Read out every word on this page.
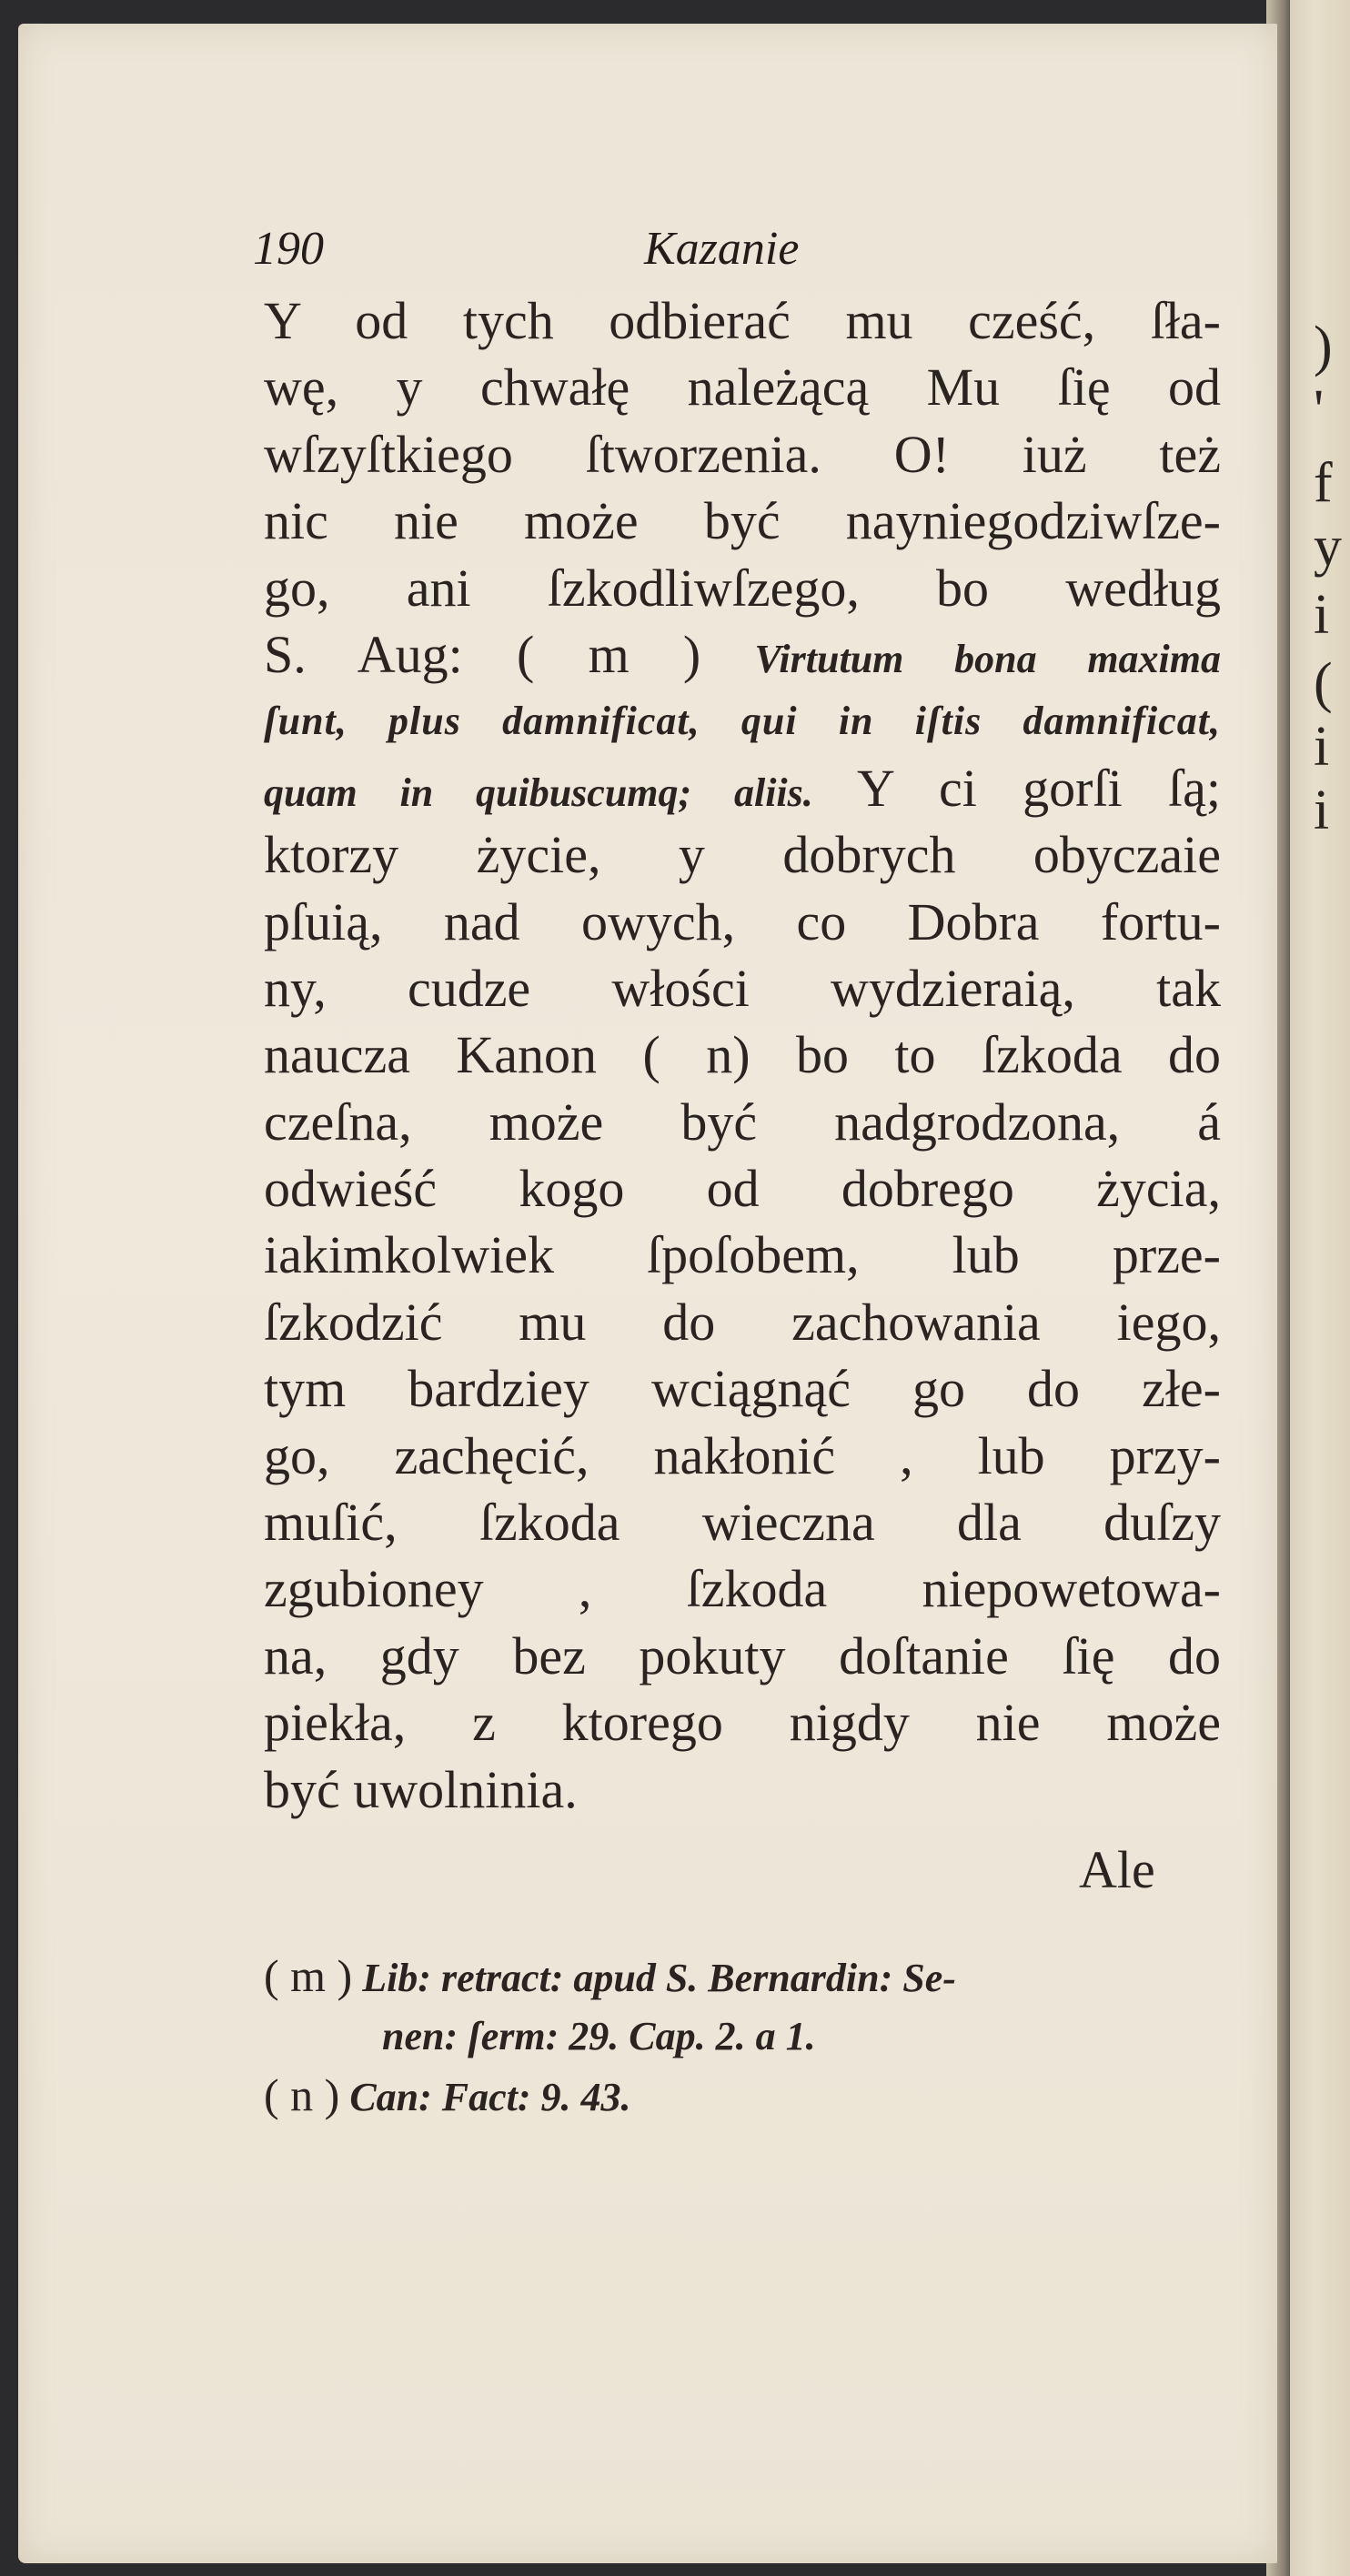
)
'
f
y
i
(
i
i
190	Kazanie
Y od tych odbierać mu cześć, ſła-
wę, y chwałę należącą Mu ſię od
wſzyſtkiego ſtworzenia. O! iuż też
nic nie może być nayniegodziwſze-
go, ani ſzkodliwſzego, bo według
S. Aug: ( m ) Virtutum bona maxima
ſunt, plus damnificat, qui in iſtis damnificat,
quam in quibuscumq; aliis. Y ci gorſi ſą;
ktorzy życie, y dobrych obyczaie
pſuią, nad owych, co Dobra fortu-
ny, cudze włości wydzieraią, tak
naucza Kanon ( n) bo to ſzkoda do
czeſna, może być nadgrodzona, á
odwieść kogo od dobrego życia,
iakimkolwiek ſpoſobem, lub prze-
ſzkodzić mu do zachowania iego,
tym bardziey wciągnąć go do złe-
go, zachęcić, nakłonić , lub przy-
muſić, ſzkoda wieczna dla duſzy
zgubioney , ſzkoda niepowetowa-
na, gdy bez pokuty doſtanie ſię do
piekła, z ktorego nigdy nie może
być uwolninia.
Ale
( m ) Lib: retract: apud S. Bernardin: Se-
nen: ſerm: 29. Cap. 2. a 1.
( n ) Can: Fact: 9. 43.
